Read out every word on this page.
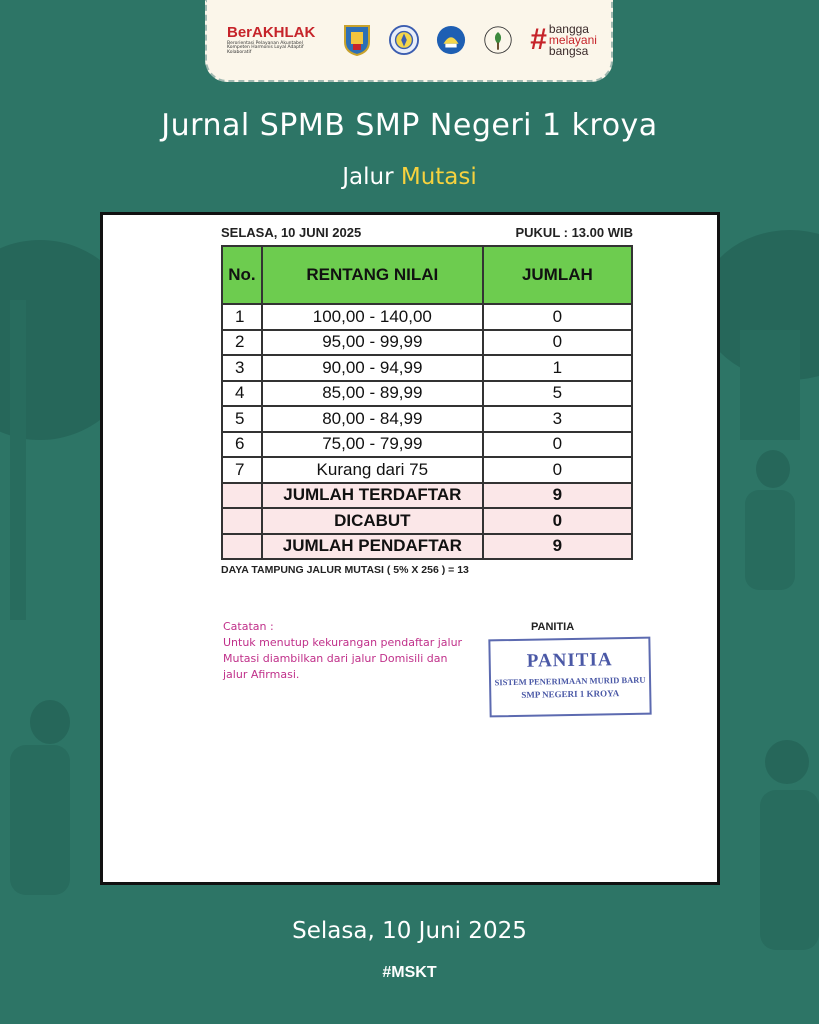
BerAKHLAK
Berorientasi Pelayanan Akuntabel Kompeten Harmonis Loyal Adaptif Kolaboratif	# bangga
melayani
bangsa
Jurnal SPMB SMP Negeri 1 kroya
Jalur Mutasi
SELASA, 10 JUNI 2025	PUKUL : 13.00 WIB
No.	RENTANG NILAI	JUMLAH
1	100,00 - 140,00	0
2	95,00 - 99,99	0
3	90,00 - 94,99	1
4	85,00 - 89,99	5
5	80,00 - 84,99	3
6	75,00 - 79,99	0
7	Kurang dari 75	0
	JUMLAH TERDAFTAR	9
	DICABUT	0
	JUMLAH PENDAFTAR	9
DAYA TAMPUNG JALUR MUTASI ( 5% X 256 ) = 13
Catatan :
Untuk menutup kekurangan pendaftar jalur Mutasi diambilkan dari jalur Domisili dan jalur Afirmasi.
PANITIA
PANITIA
SISTEM PENERIMAAN MURID BARU
SMP NEGERI 1 KROYA
Selasa, 10 Juni 2025
#MSKT
